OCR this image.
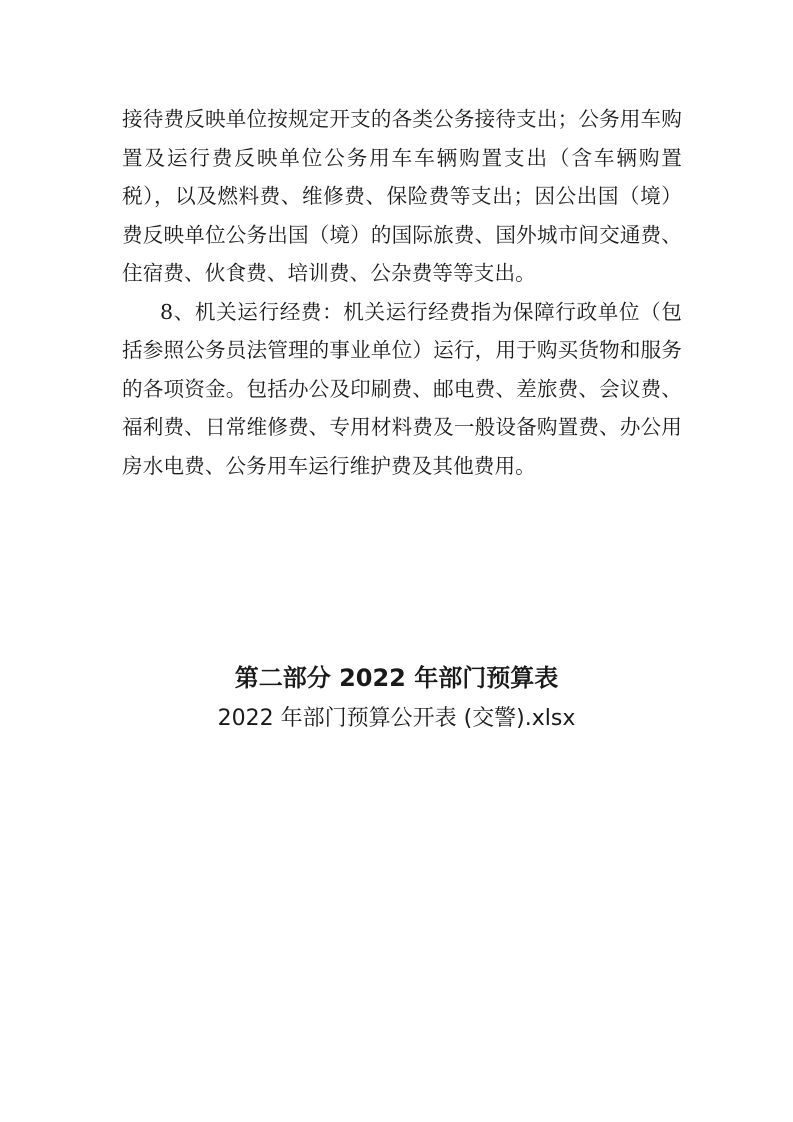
接待费反映单位按规定开支的各类公务接待支出；公务用车购置及运行费反映单位公务用车车辆购置支出（含车辆购置税），以及燃料费、维修费、保险费等支出；因公出国（境）费反映单位公务出国（境）的国际旅费、国外城市间交通费、住宿费、伙食费、培训费、公杂费等等支出。

8、机关运行经费：机关运行经费指为保障行政单位（包括参照公务员法管理的事业单位）运行，用于购买货物和服务的各项资金。包括办公及印刷费、邮电费、差旅费、会议费、福利费、日常维修费、专用材料费及一般设备购置费、办公用房水电费、公务用车运行维护费及其他费用。

第二部分 2022 年部门预算表

2022 年部门预算公开表 (交警).xlsx
